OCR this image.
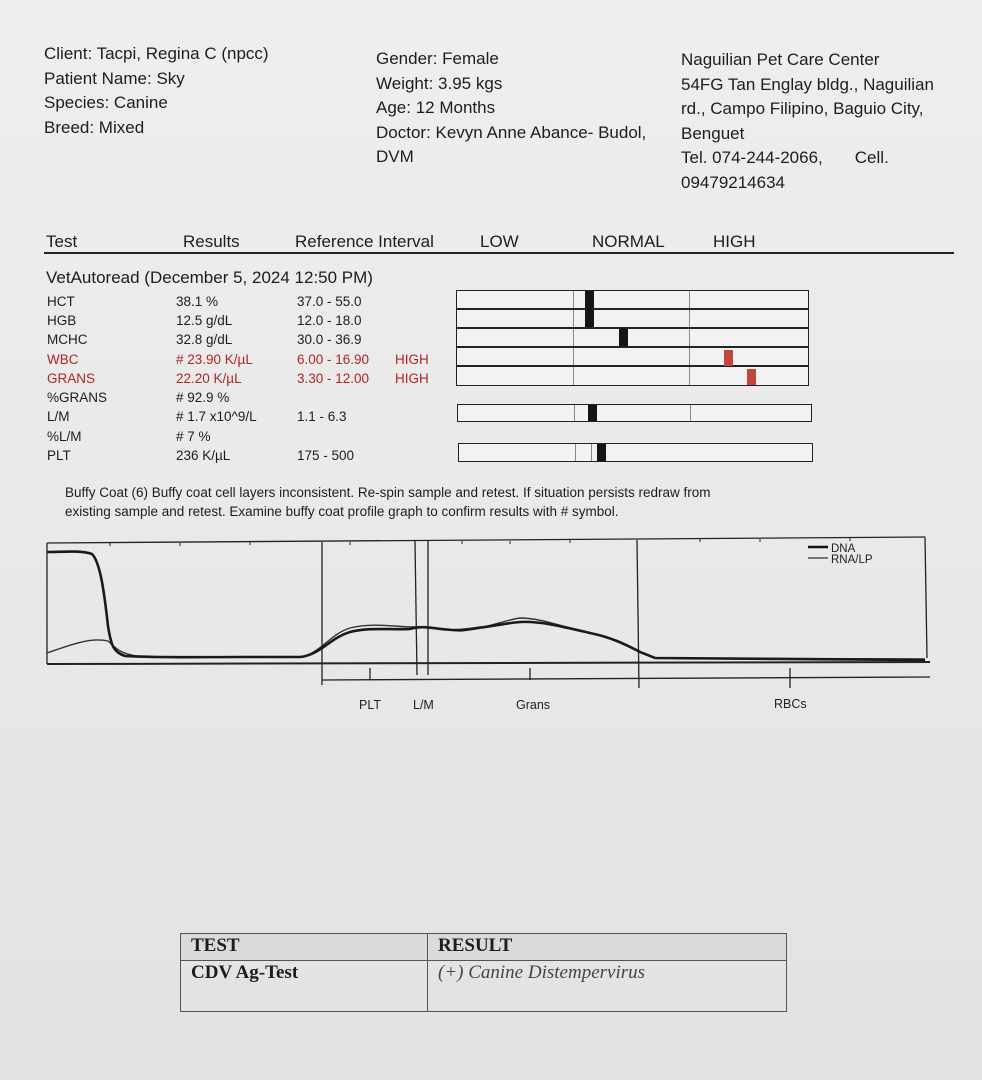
Client: Tacpi, Regina C (npcc)
Patient Name: Sky
Species: Canine
Breed: Mixed
Gender: Female
Weight: 3.95 kgs
Age: 12 Months
Doctor: Kevyn Anne Abance- Budol,
DVM
Naguilian Pet Care Center
54FG Tan Englay bldg., Naguilian
rd., Campo Filipino, Baguio City,
Benguet
Tel. 074-244-2066, Cell.
09479214634
Test	Results	Reference Interval	LOW	NORMAL	HIGH
VetAutoread (December 5, 2024 12:50 PM)
HCT	38.1 %	37.0 - 55.0
HGB	12.5 g/dL	12.0 - 18.0
MCHC	32.8 g/dL	30.0 - 36.9
WBC	# 23.90 K/µL	6.00 - 16.90 HIGH
GRANS	22.20 K/µL	3.30 - 12.00 HIGH
%GRANS	# 92.9 %
L/M	# 1.7 x10^9/L	1.1 - 6.3
%L/M	# 7 %
PLT	236 K/µL	175 - 500
Buffy Coat (6) Buffy coat cell layers inconsistent. Re-spin sample and retest. If situation persists redraw from
existing sample and retest. Examine buffy coat profile graph to confirm results with # symbol.
DNA
RNA/LP
PLT	L/M	Grans	RBCs
TEST	RESULT
CDV Ag-Test	(+) Canine Distempervirus
